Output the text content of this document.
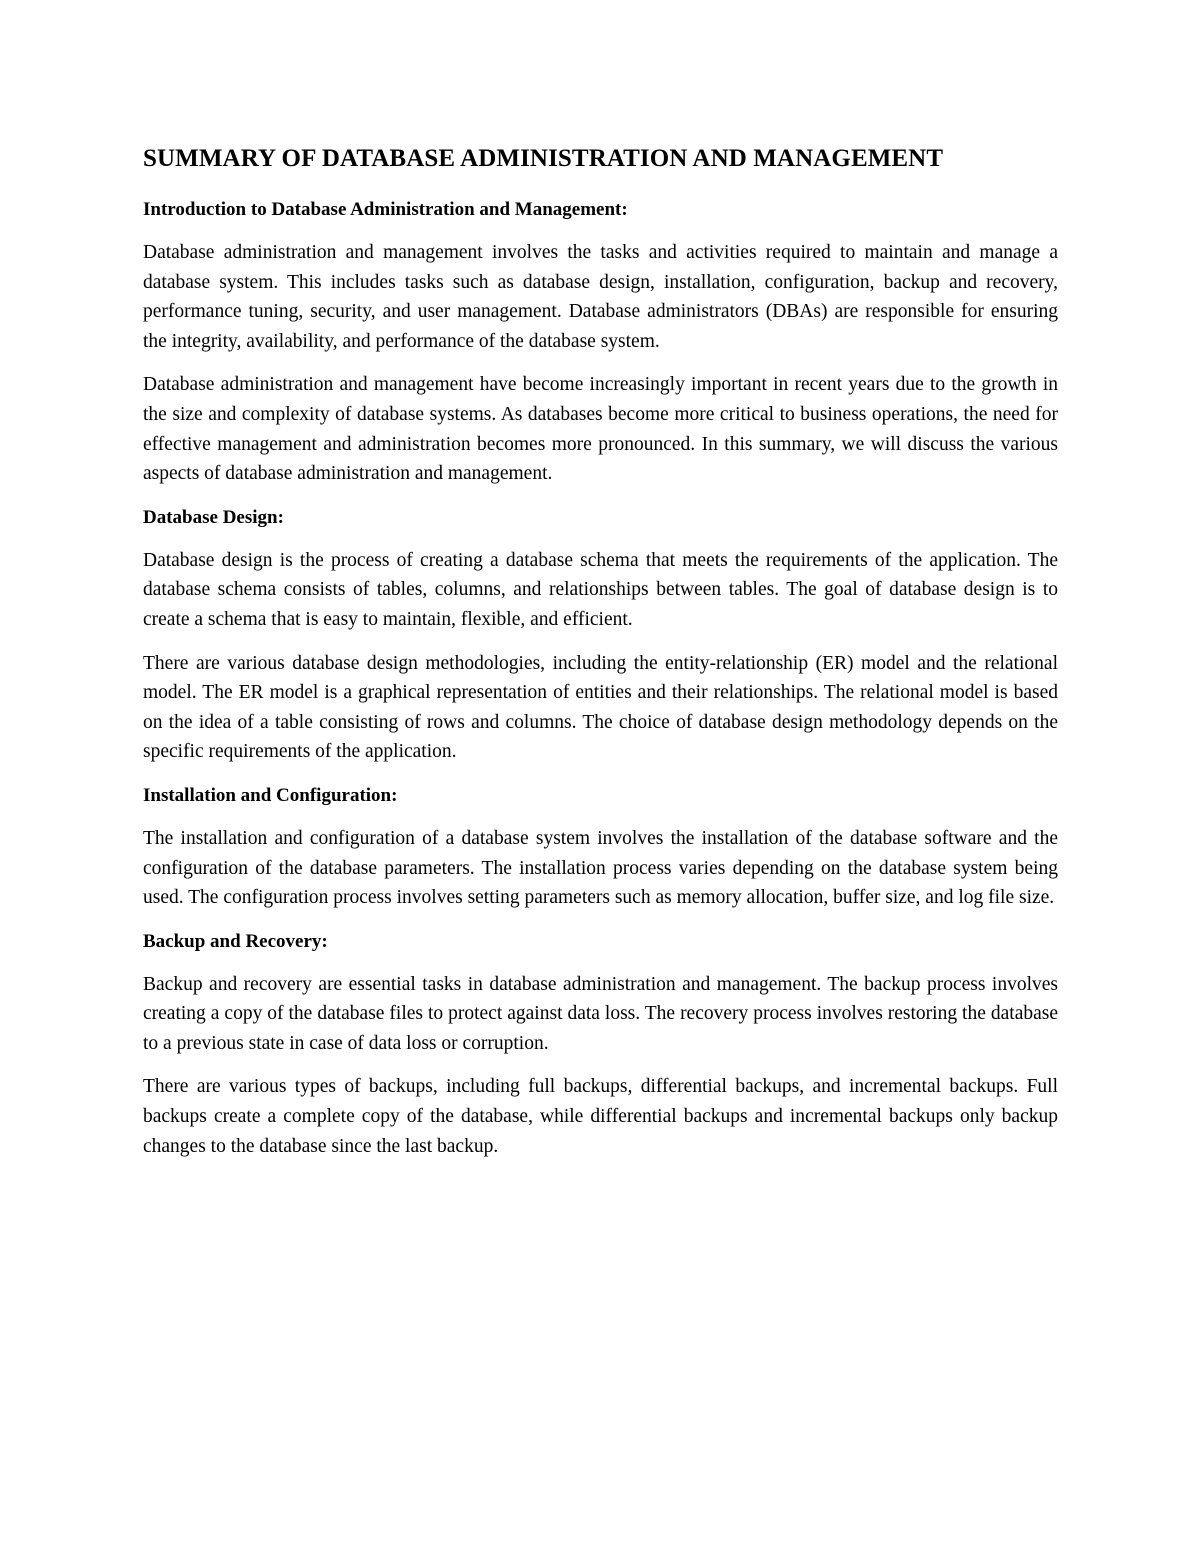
SUMMARY OF DATABASE ADMINISTRATION AND MANAGEMENT
Introduction to Database Administration and Management:

Database administration and management involves the tasks and activities required to maintain and manage a database system. This includes tasks such as database design, installation, configuration, backup and recovery, performance tuning, security, and user management. Database administrators (DBAs) are responsible for ensuring the integrity, availability, and performance of the database system.

Database administration and management have become increasingly important in recent years due to the growth in the size and complexity of database systems. As databases become more critical to business operations, the need for effective management and administration becomes more pronounced. In this summary, we will discuss the various aspects of database administration and management.

Database Design:

Database design is the process of creating a database schema that meets the requirements of the application. The database schema consists of tables, columns, and relationships between tables. The goal of database design is to create a schema that is easy to maintain, flexible, and efficient.

There are various database design methodologies, including the entity-relationship (ER) model and the relational model. The ER model is a graphical representation of entities and their relationships. The relational model is based on the idea of a table consisting of rows and columns. The choice of database design methodology depends on the specific requirements of the application.

Installation and Configuration:

The installation and configuration of a database system involves the installation of the database software and the configuration of the database parameters. The installation process varies depending on the database system being used. The configuration process involves setting parameters such as memory allocation, buffer size, and log file size.

Backup and Recovery:

Backup and recovery are essential tasks in database administration and management. The backup process involves creating a copy of the database files to protect against data loss. The recovery process involves restoring the database to a previous state in case of data loss or corruption.

There are various types of backups, including full backups, differential backups, and incremental backups. Full backups create a complete copy of the database, while differential backups and incremental backups only backup changes to the database since the last backup.
